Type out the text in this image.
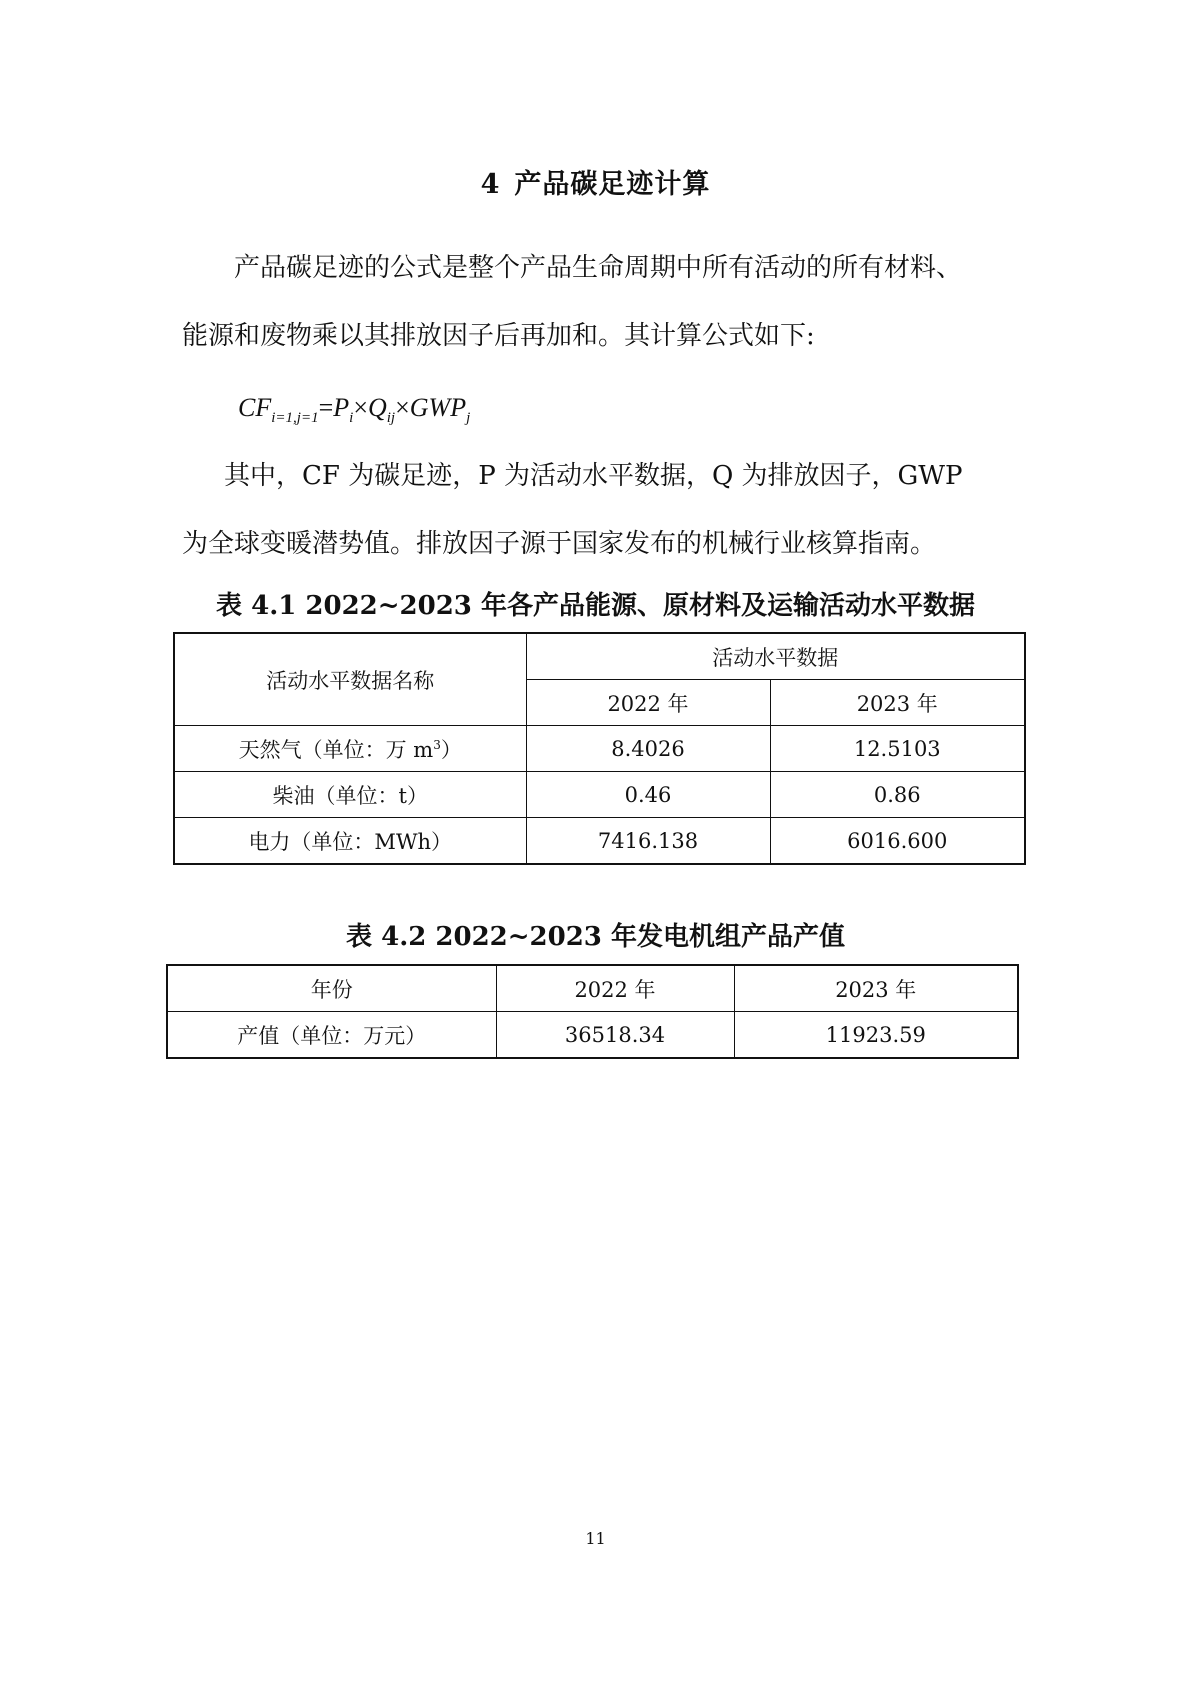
4 产品碳足迹计算
产品碳足迹的公式是整个产品生命周期中所有活动的所有材料、
能源和废物乘以其排放因子后再加和。其计算公式如下:
$CF_{i=1,j=1}=P_i\times Q_{ij}\times GWP_j$
其中，CF 为碳足迹，P 为活动水平数据，Q 为排放因子，GWP
为全球变暖潜势值。排放因子源于国家发布的机械行业核算指南。
表 4.1 2022~2023 年各产品能源、原材料及运输活动水平数据
活动水平数据名称	活动水平数据	
	2022 年	2023 年
天然气（单位：万 $m^3$）	8.4026	12.5103
柴油（单位：t）	0.46	0.86
电力（单位：MWh）	7416.138	6016.600
表 4.2 2022~2023 年发电机组产品产值
年份	2022 年	2023 年
产值（单位：万元）	36518.34	11923.59
11
